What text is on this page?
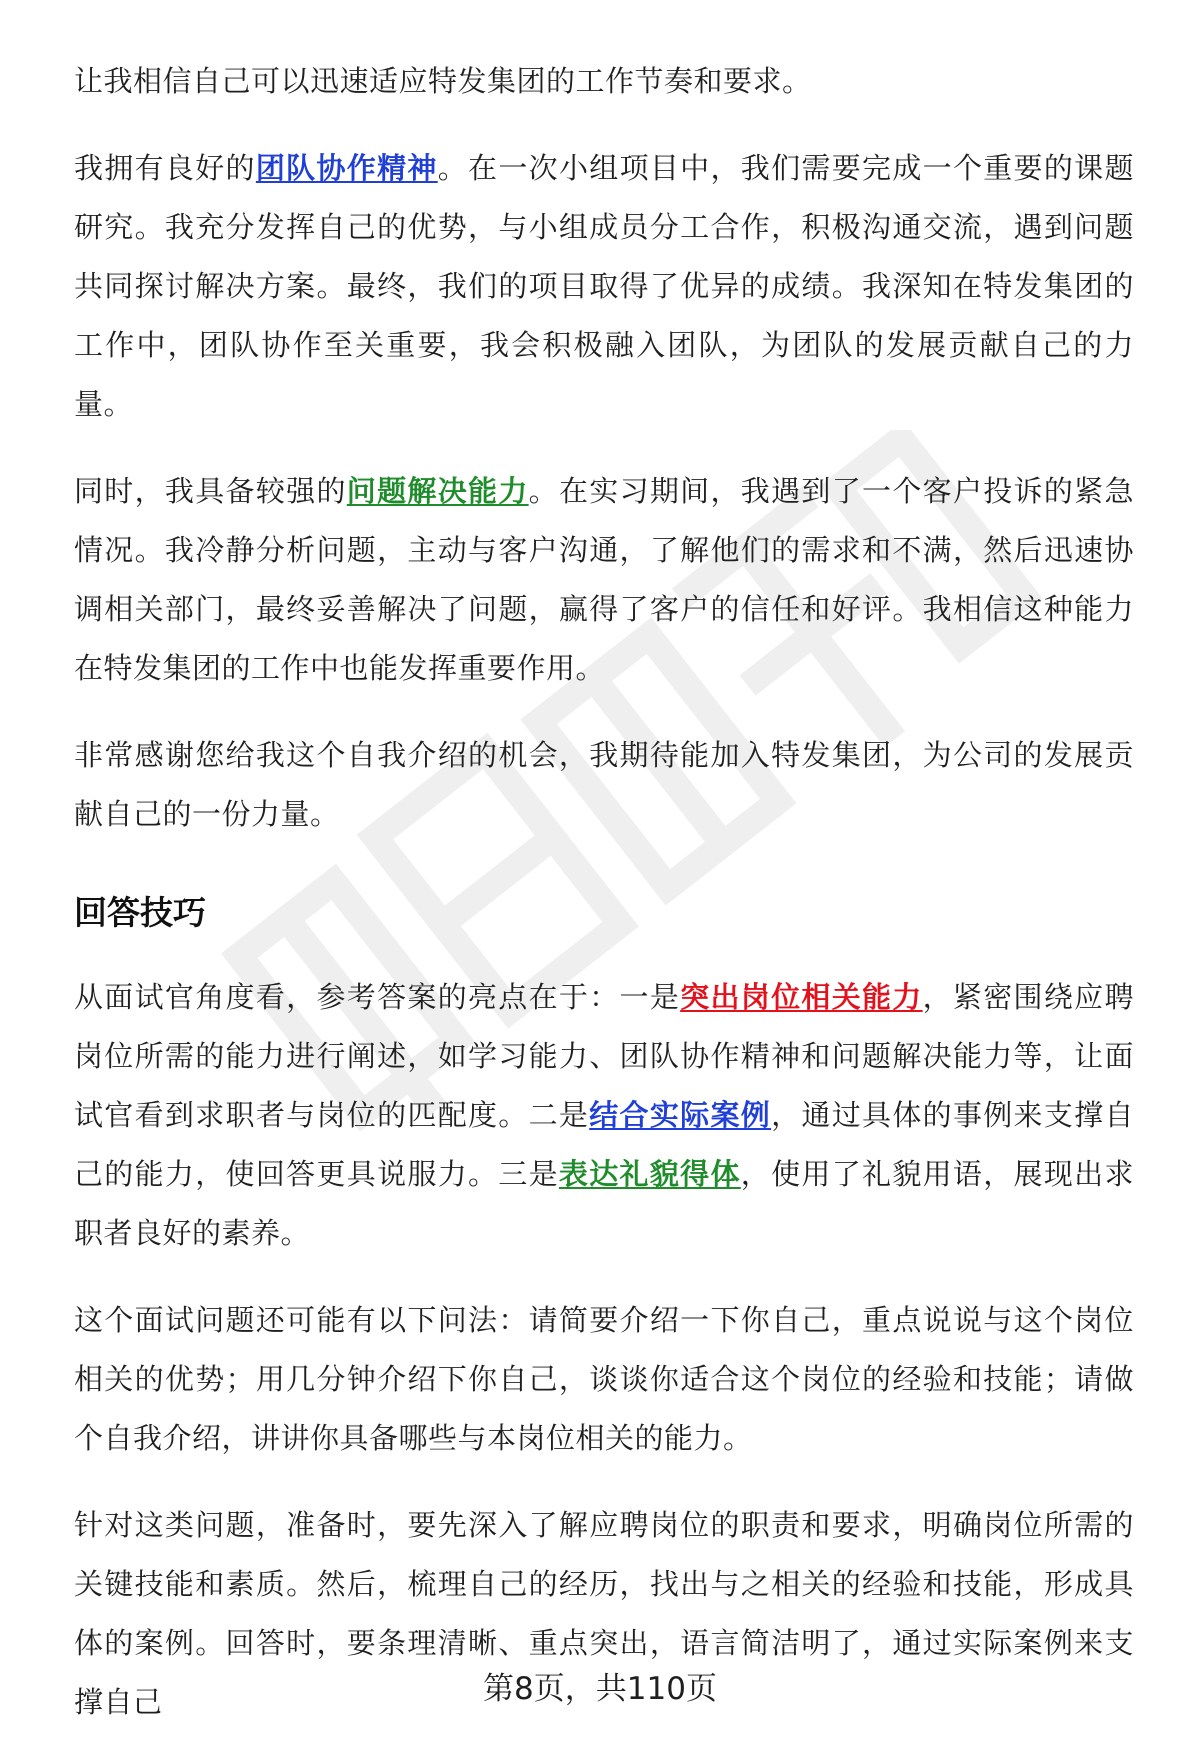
让我相信自己可以迅速适应特发集团的工作节奏和要求。

我拥有良好的团队协作精神。在一次小组项目中，我们需要完成一个重要的课题研究。我充分发挥自己的优势，与小组成员分工合作，积极沟通交流，遇到问题共同探讨解决方案。最终，我们的项目取得了优异的成绩。我深知在特发集团的工作中，团队协作至关重要，我会积极融入团队，为团队的发展贡献自己的力量。

同时，我具备较强的问题解决能力。在实习期间，我遇到了一个客户投诉的紧急情况。我冷静分析问题，主动与客户沟通，了解他们的需求和不满，然后迅速协调相关部门，最终妥善解决了问题，赢得了客户的信任和好评。我相信这种能力在特发集团的工作中也能发挥重要作用。

非常感谢您给我这个自我介绍的机会，我期待能加入特发集团，为公司的发展贡献自己的一份力量。

回答技巧

从面试官角度看，参考答案的亮点在于：一是突出岗位相关能力，紧密围绕应聘岗位所需的能力进行阐述，如学习能力、团队协作精神和问题解决能力等，让面试官看到求职者与岗位的匹配度。二是结合实际案例，通过具体的事例来支撑自己的能力，使回答更具说服力。三是表达礼貌得体，使用了礼貌用语，展现出求职者良好的素养。

这个面试问题还可能有以下问法：请简要介绍一下你自己，重点说说与这个岗位相关的优势；用几分钟介绍下你自己，谈谈你适合这个岗位的经验和技能；请做个自我介绍，讲讲你具备哪些与本岗位相关的能力。

针对这类问题，准备时，要先深入了解应聘岗位的职责和要求，明确岗位所需的关键技能和素质。然后，梳理自己的经历，找出与之相关的经验和技能，形成具体的案例。回答时，要条理清晰、重点突出，语言简洁明了，通过实际案例来支撑自己	第8页，共110页
